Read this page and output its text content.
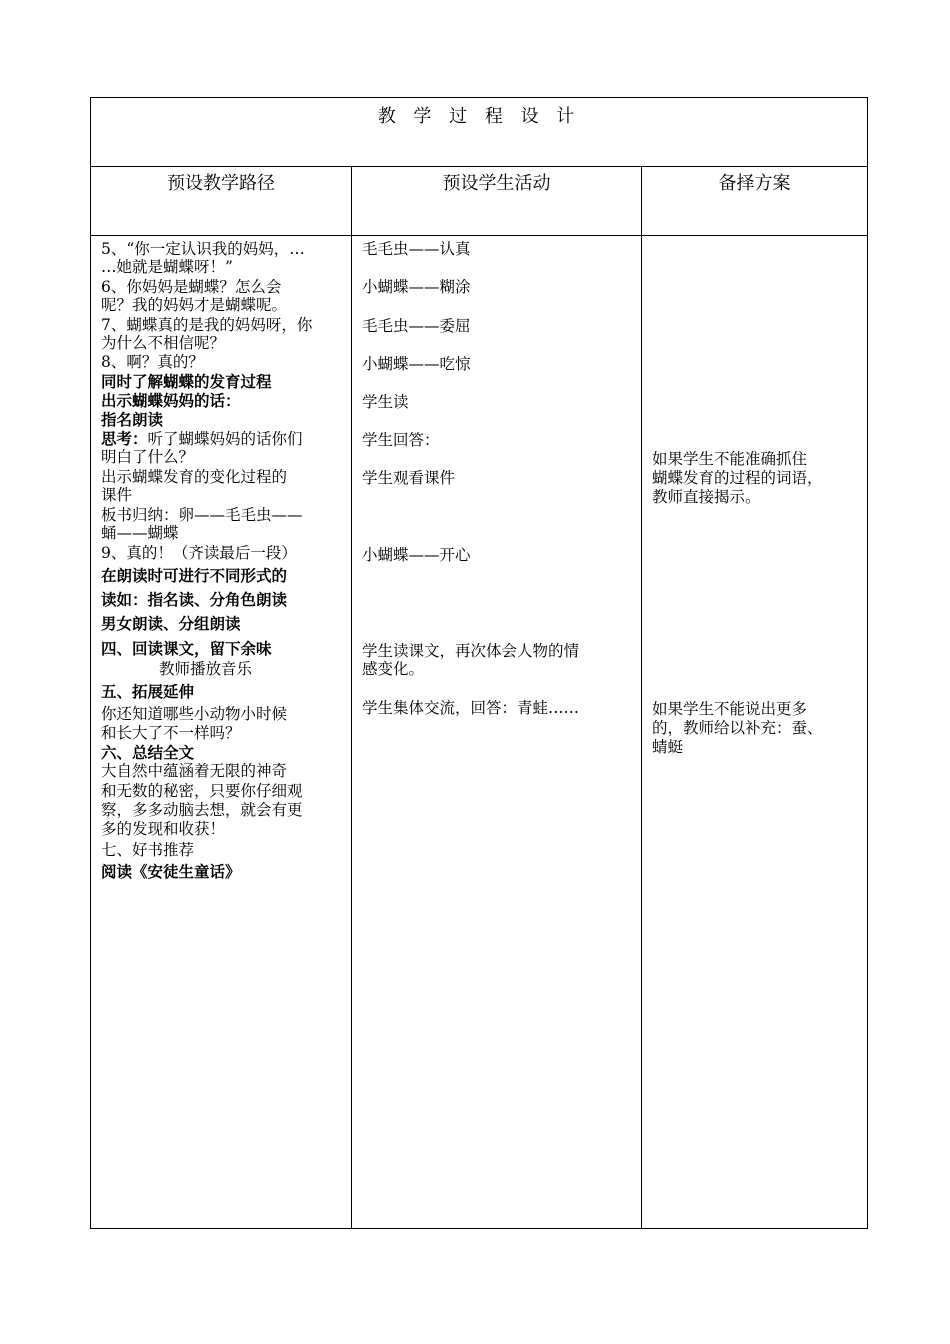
教 学 过 程 设 计
预设教学路径	预设学生活动	备择方案
5、“你一定认识我的妈妈，…
…她就是蝴蝶呀！”
6、你妈妈是蝴蝶？怎么会
呢？我的妈妈才是蝴蝶呢。
7、蝴蝶真的是我的妈妈呀，你
为什么不相信呢？
8、啊？真的？
同时了解蝴蝶的发育过程
出示蝴蝶妈妈的话：
指名朗读
思考：听了蝴蝶妈妈的话你们
明白了什么？
出示蝴蝶发育的变化过程的
课件
板书归纳：卵——毛毛虫——
蛹——蝴蝶
9、真的！（齐读最后一段）
在朗读时可进行不同形式的
读如：指名读、分角色朗读
男女朗读、分组朗读
四、回读课文，留下余味
教师播放音乐
五、拓展延伸
你还知道哪些小动物小时候
和长大了不一样吗？
六、总结全文
大自然中蕴涵着无限的神奇
和无数的秘密，只要你仔细观
察，多多动脑去想，就会有更
多的发现和收获！
七、好书推荐
阅读《安徒生童话》
毛毛虫——认真
小蝴蝶——糊涂
毛毛虫——委屈
小蝴蝶——吃惊
学生读
学生回答：
学生观看课件
小蝴蝶——开心
学生读课文，再次体会人物的情
感变化。
学生集体交流，回答：青蛙……
如果学生不能准确抓住
蝴蝶发育的过程的词语，
教师直接揭示。
如果学生不能说出更多
的，教师给以补充：蚕、
蜻蜓
